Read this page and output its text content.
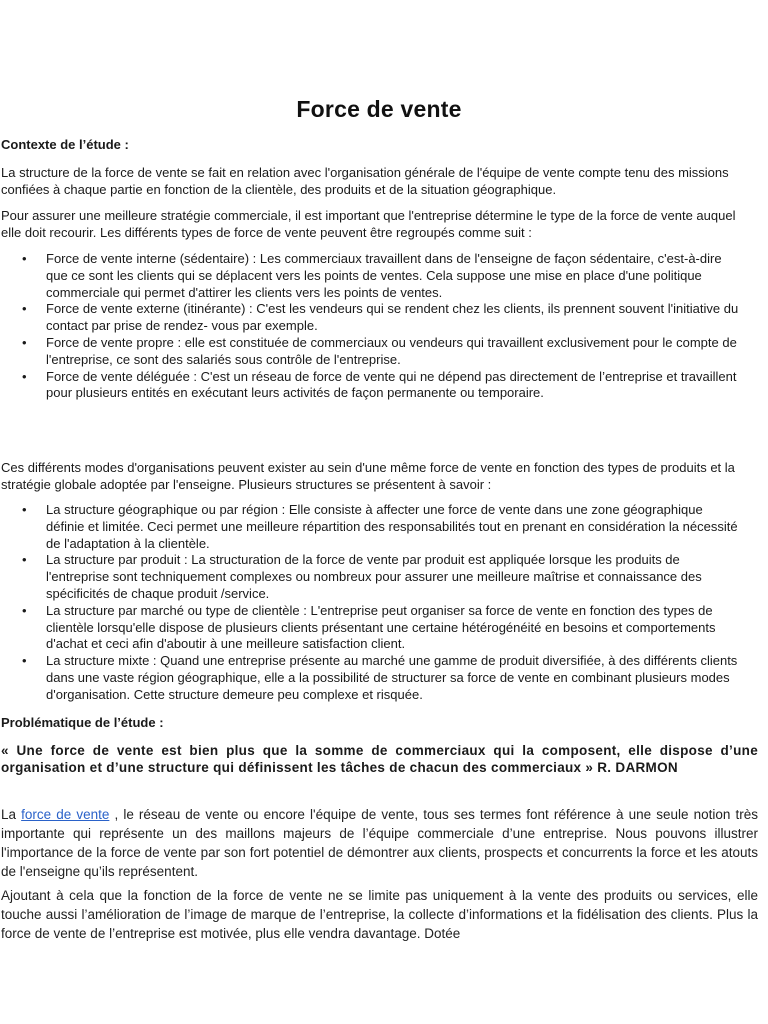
Force de vente

Contexte de l’étude :

La structure de la force de vente se fait en relation avec l'organisation générale de l'équipe de vente compte tenu des missions confiées à chaque partie en fonction de la clientèle, des produits et de la situation géographique.

Pour assurer une meilleure stratégie commerciale, il est important que l'entreprise détermine le type de la force de vente auquel elle doit recourir. Les différents types de force de vente peuvent être regroupés comme suit :

• Force de vente interne (sédentaire) : Les commerciaux travaillent dans de l'enseigne de façon sédentaire, c'est-à-dire que ce sont les clients qui se déplacent vers les points de ventes. Cela suppose une mise en place d'une politique commerciale qui permet d'attirer les clients vers les points de ventes.
• Force de vente externe (itinérante) : C'est les vendeurs qui se rendent chez les clients, ils prennent souvent l'initiative du contact par prise de rendez- vous par exemple.
• Force de vente propre : elle est constituée de commerciaux ou vendeurs qui travaillent exclusivement pour le compte de l'entreprise, ce sont des salariés sous contrôle de l'entreprise.
• Force de vente déléguée : C'est un réseau de force de vente qui ne dépend pas directement de l’entreprise et travaillent pour plusieurs entités en exécutant leurs activités de façon permanente ou temporaire.

Ces différents modes d'organisations peuvent exister au sein d'une même force de vente en fonction des types de produits et la stratégie globale adoptée par l'enseigne. Plusieurs structures se présentent à savoir :

• La structure géographique ou par région : Elle consiste à affecter une force de vente dans une zone géographique définie et limitée. Ceci permet une meilleure répartition des responsabilités tout en prenant en considération la nécessité de l'adaptation à la clientèle.
• La structure par produit : La structuration de la force de vente par produit est appliquée lorsque les produits de l'entreprise sont techniquement complexes ou nombreux pour assurer une meilleure maîtrise et connaissance des spécificités de chaque produit /service.
• La structure par marché ou type de clientèle : L'entreprise peut organiser sa force de vente en fonction des types de clientèle lorsqu'elle dispose de plusieurs clients présentant une certaine hétérogénéité en besoins et comportements d'achat et ceci afin d'aboutir à une meilleure satisfaction client.
• La structure mixte : Quand une entreprise présente au marché une gamme de produit diversifiée, à des différents clients dans une vaste région géographique, elle a la possibilité de structurer sa force de vente en combinant plusieurs modes d'organisation. Cette structure demeure peu complexe et risquée.

Problématique de l’étude :

« Une force de vente est bien plus que la somme de commerciaux qui la composent, elle dispose d’une organisation et d’une structure qui définissent les tâches de chacun des commerciaux » R. DARMON

La force de vente , le réseau de vente ou encore l'équipe de vente, tous ses termes font référence à une seule notion très importante qui représente un des maillons majeurs de l’équipe commerciale d’une entreprise. Nous pouvons illustrer l'importance de la force de vente par son fort potentiel de démontrer aux clients, prospects et concurrents la force et les atouts de l'enseigne qu’ils représentent.

Ajoutant à cela que la fonction de la force de vente ne se limite pas uniquement à la vente des produits ou services, elle touche aussi l’amélioration de l’image de marque de l’entreprise, la collecte d’informations et la fidélisation des clients. Plus la force de vente de l’entreprise est motivée, plus elle vendra davantage. Dotée
